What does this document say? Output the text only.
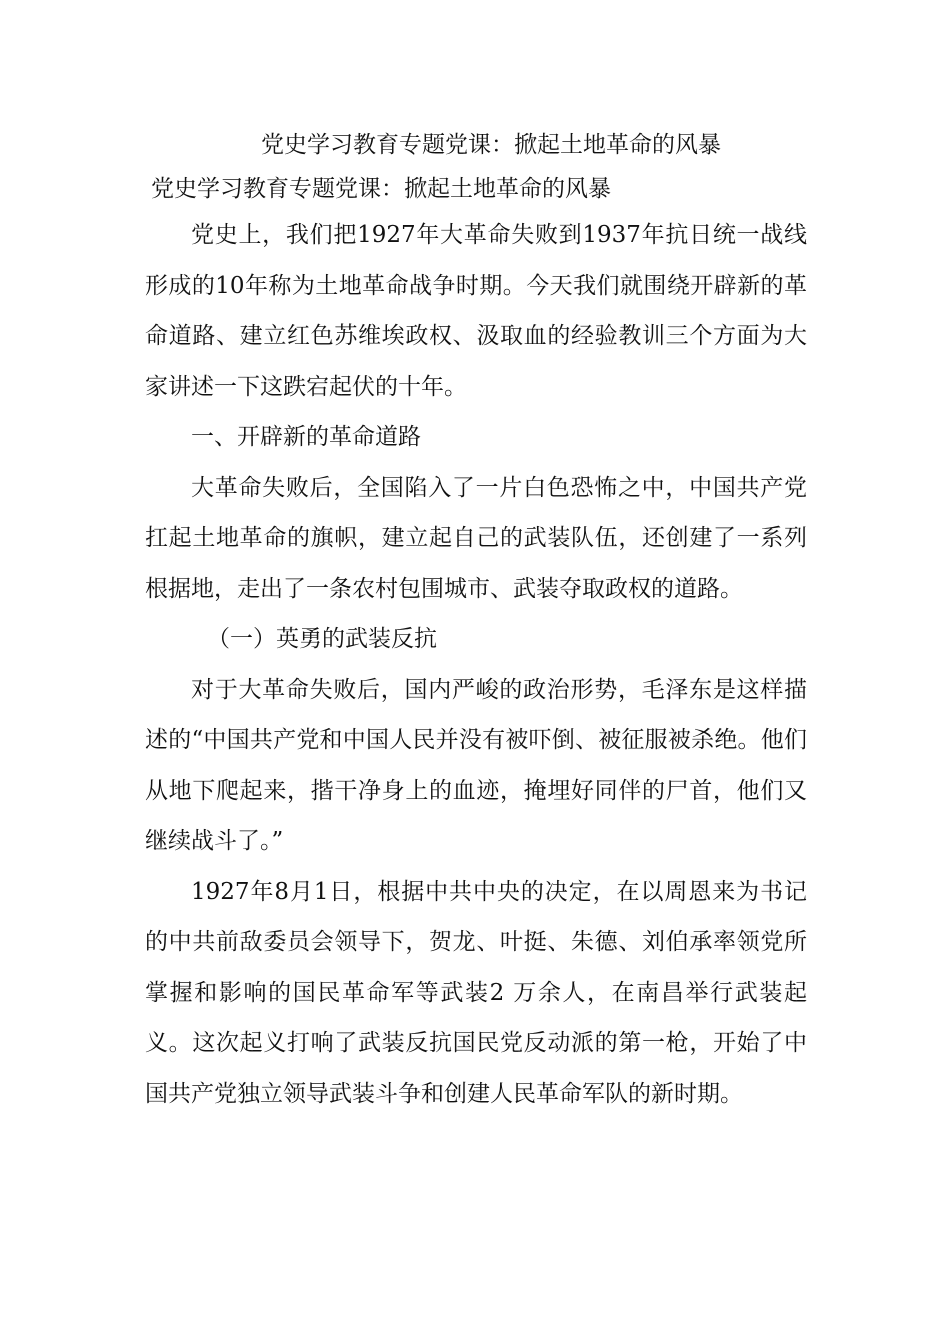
党史学习教育专题党课：掀起土地革命的风暴
党史学习教育专题党课：掀起土地革命的风暴

党史上，我们把1927年大革命失败到1937年抗日统一战线形成的10年称为土地革命战争时期。今天我们就围绕开辟新的革命道路、建立红色苏维埃政权、汲取血的经验教训三个方面为大家讲述一下这跌宕起伏的十年。

一、开辟新的革命道路

大革命失败后，全国陷入了一片白色恐怖之中，中国共产党扛起土地革命的旗帜，建立起自己的武装队伍，还创建了一系列根据地，走出了一条农村包围城市、武装夺取政权的道路。

（一）英勇的武装反抗

对于大革命失败后，国内严峻的政治形势，毛泽东是这样描述的“中国共产党和中国人民并没有被吓倒、被征服被杀绝。他们从地下爬起来，揩干净身上的血迹，掩埋好同伴的尸首，他们又继续战斗了。”

1927年8月1日，根据中共中央的决定，在以周恩来为书记的中共前敌委员会领导下，贺龙、叶挺、朱德、刘伯承率领党所掌握和影响的国民革命军等武装2 万余人，在南昌举行武装起义。这次起义打响了武装反抗国民党反动派的第一枪，开始了中国共产党独立领导武装斗争和创建人民革命军队的新时期。
